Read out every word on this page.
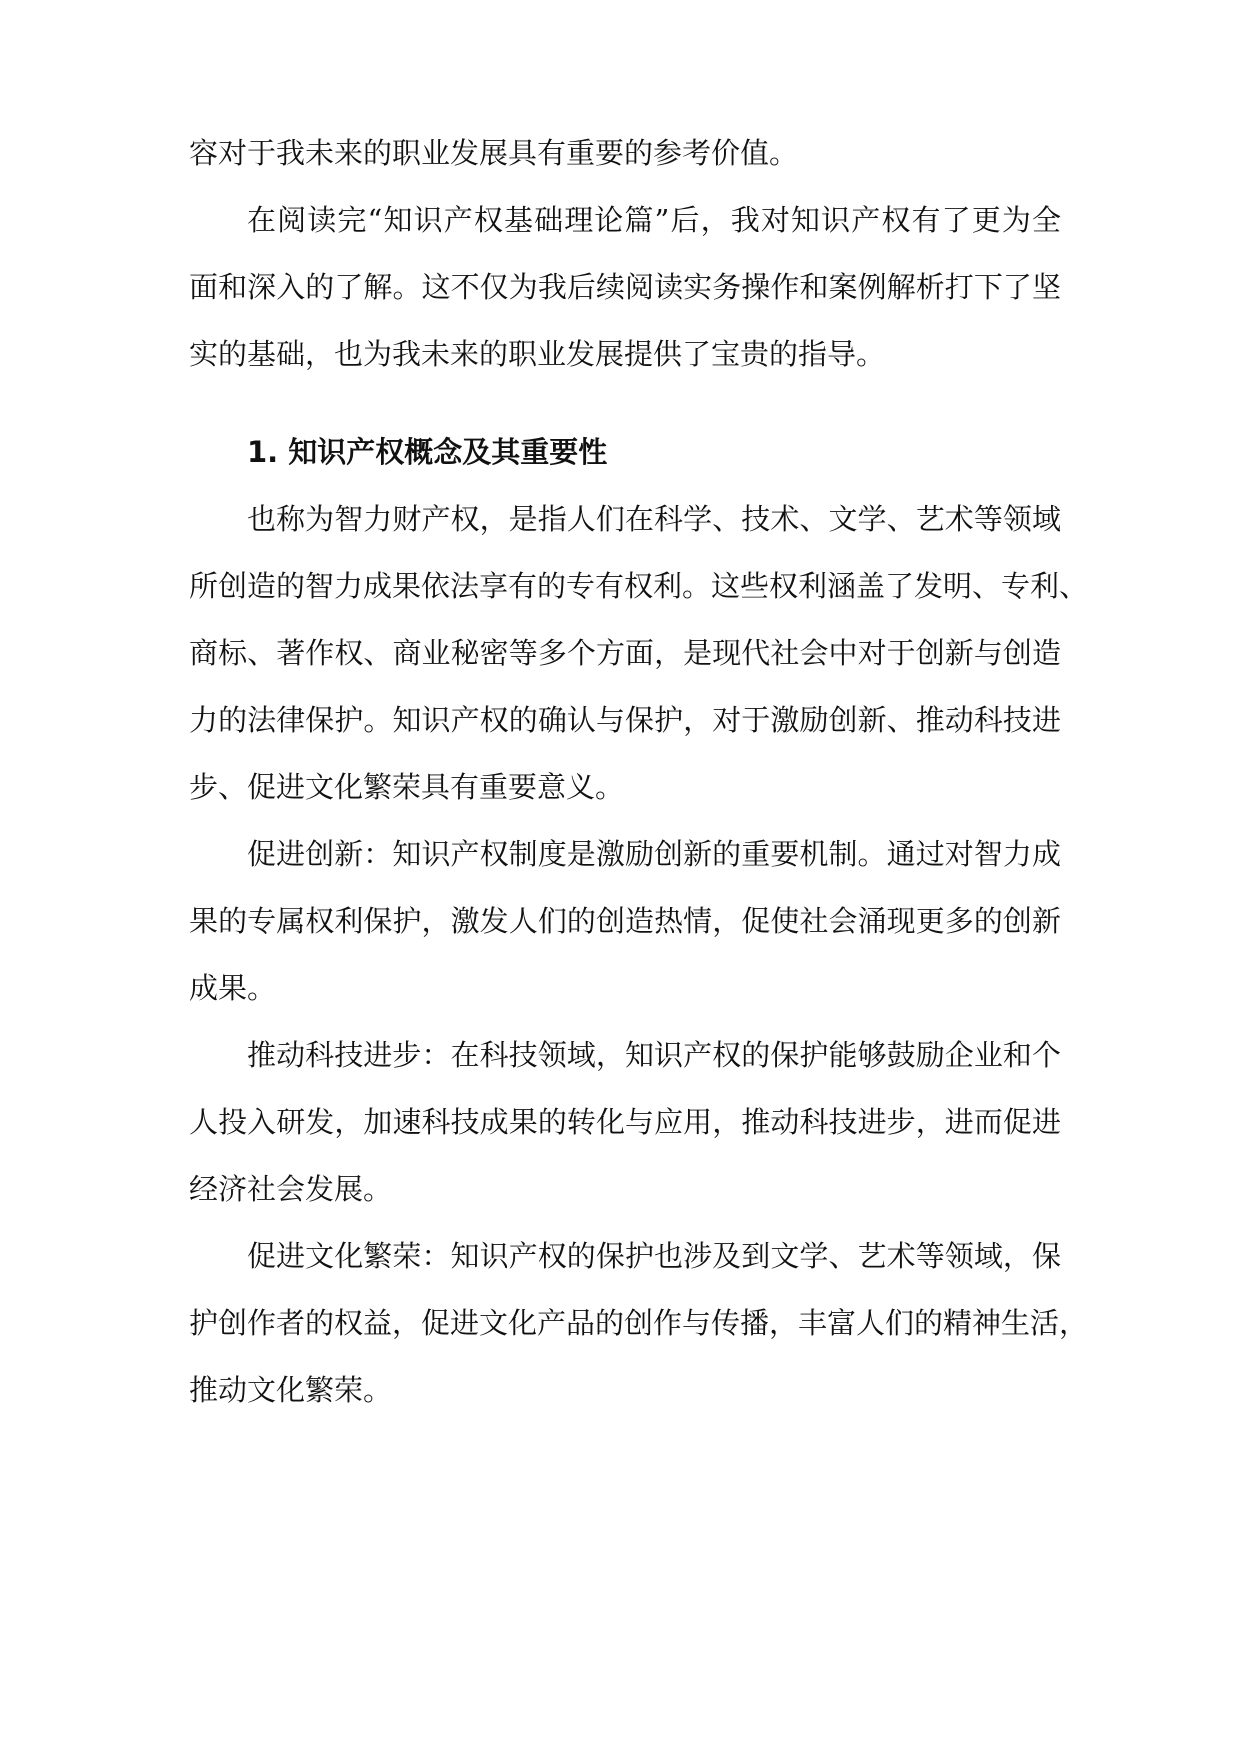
容对于我未来的职业发展具有重要的参考价值。
在阅读完“知识产权基础理论篇”后，我对知识产权有了更为全
面和深入的了解。这不仅为我后续阅读实务操作和案例解析打下了坚
实的基础，也为我未来的职业发展提供了宝贵的指导。
1. 知识产权概念及其重要性
也称为智力财产权，是指人们在科学、技术、文学、艺术等领域
所创造的智力成果依法享有的专有权利。这些权利涵盖了发明、专利、
商标、著作权、商业秘密等多个方面，是现代社会中对于创新与创造
力的法律保护。知识产权的确认与保护，对于激励创新、推动科技进
步、促进文化繁荣具有重要意义。
促进创新：知识产权制度是激励创新的重要机制。通过对智力成
果的专属权利保护，激发人们的创造热情，促使社会涌现更多的创新
成果。
推动科技进步：在科技领域，知识产权的保护能够鼓励企业和个
人投入研发，加速科技成果的转化与应用，推动科技进步，进而促进
经济社会发展。
促进文化繁荣：知识产权的保护也涉及到文学、艺术等领域，保
护创作者的权益，促进文化产品的创作与传播，丰富人们的精神生活，
推动文化繁荣。
